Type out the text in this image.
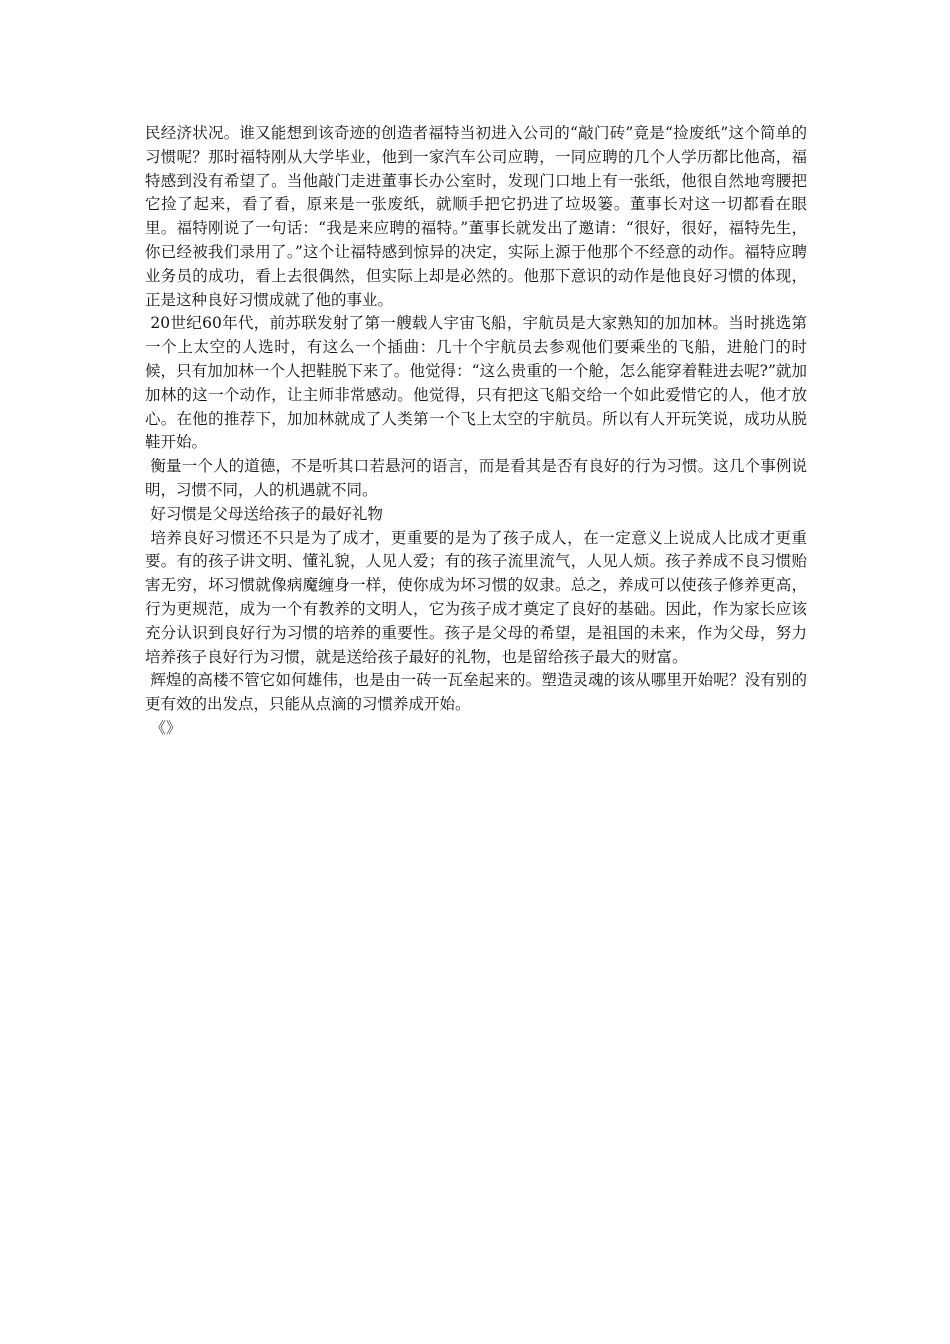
民经济状况。谁又能想到该奇迹的创造者福特当初进入公司的“敲门砖”竟是“捡废纸”这个简单的习惯呢？那时福特刚从大学毕业，他到一家汽车公司应聘，一同应聘的几个人学历都比他高，福特感到没有希望了。当他敲门走进董事长办公室时，发现门口地上有一张纸，他很自然地弯腰把它捡了起来，看了看，原来是一张废纸，就顺手把它扔进了垃圾篓。董事长对这一切都看在眼里。福特刚说了一句话：“我是来应聘的福特。”董事长就发出了邀请：“很好，很好，福特先生，你已经被我们录用了。”这个让福特感到惊异的决定，实际上源于他那个不经意的动作。福特应聘业务员的成功，看上去很偶然，但实际上却是必然的。他那下意识的动作是他良好习惯的体现，正是这种良好习惯成就了他的事业。

20世纪60年代，前苏联发射了第一艘载人宇宙飞船，宇航员是大家熟知的加加林。当时挑选第一个上太空的人选时，有这么一个插曲：几十个宇航员去参观他们要乘坐的飞船，进舱门的时候，只有加加林一个人把鞋脱下来了。他觉得：“这么贵重的一个舱，怎么能穿着鞋进去呢?”就加加林的这一个动作，让主师非常感动。他觉得，只有把这飞船交给一个如此爱惜它的人，他才放心。在他的推荐下，加加林就成了人类第一个飞上太空的宇航员。所以有人开玩笑说，成功从脱鞋开始。

衡量一个人的道德，不是听其口若悬河的语言，而是看其是否有良好的行为习惯。这几个事例说明，习惯不同，人的机遇就不同。

好习惯是父母送给孩子的最好礼物

培养良好习惯还不只是为了成才，更重要的是为了孩子成人，在一定意义上说成人比成才更重要。有的孩子讲文明、懂礼貌，人见人爱；有的孩子流里流气，人见人烦。孩子养成不良习惯贻害无穷，坏习惯就像病魔缠身一样，使你成为坏习惯的奴隶。总之，养成可以使孩子修养更高，行为更规范，成为一个有教养的文明人，它为孩子成才奠定了良好的基础。因此，作为家长应该充分认识到良好行为习惯的培养的重要性。孩子是父母的希望，是祖国的未来，作为父母，努力培养孩子良好行为习惯，就是送给孩子最好的礼物，也是留给孩子最大的财富。

辉煌的高楼不管它如何雄伟，也是由一砖一瓦垒起来的。塑造灵魂的该从哪里开始呢？没有别的更有效的出发点，只能从点滴的习惯养成开始。

《》
